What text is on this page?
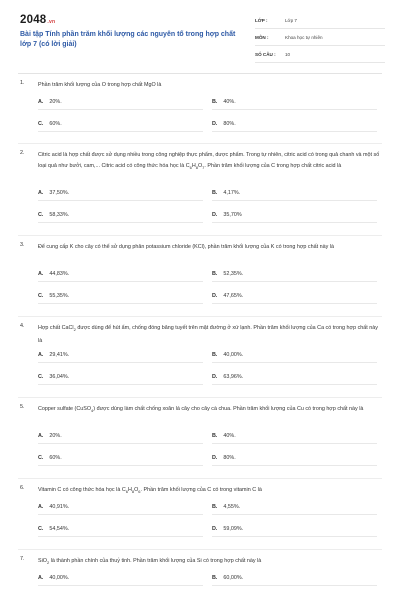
2048.vn
Bài tập Tính phần trăm khối lượng các nguyên tố trong hợp chất lớp 7 (có lời giải)
LỚP :	Lớp 7
MÔN :	Khoa học tự nhiên
SỐ CÂU : 10
1.	Phần trăm khối lượng của O trong hợp chất MgO là
A. 20%.	B. 40%.
C. 60%.	D. 80%.
2.	Citric acid là hợp chất được sử dụng nhiều trong công nghiệp thực phẩm, dược phẩm. Trong tự nhiên, citric acid có trong quả chanh và một số loại quả như bưởi, cam,... Citric acid có công thức hóa học là $C_6H_8O_7$. Phần trăm khối lượng của C trong hợp chất citric acid là
A. 37,50%.	B. 4,17%.
C. 58,33%.	D. 35,70%
3.	Để cung cấp K cho cây có thể sử dụng phân potassium chloride (KCl), phần trăm khối lượng của K có trong hợp chất này là
A. 44,83%.	B. 52,35%.
C. 55,35%.	D. 47,65%.
4.	Hợp chất CaCl$_2$ được dùng để hút ẩm, chống đóng băng tuyết trên mặt đường ở xứ lạnh. Phần trăm khối lượng của Ca có trong hợp chất này là
A. 29,41%.	B. 40,00%.
C. 36,04%.	D. 63,96%.
5.	Copper sulfate (CuSO$_4$) được dùng làm chất chống xoăn lá cây cho cây cà chua. Phần trăm khối lượng của Cu có trong hợp chất này là
A. 20%.	B. 40%.
C. 60%.	D. 80%.
6.	Vitamin C có công thức hóa học là $C_6H_8O_6$. Phần trăm khối lượng của C có trong vitamin C là
A. 40,91%.	B. 4,55%.
C. 54,54%.	D. 59,09%.
7.	SiO$_2$ là thành phần chính của thuỷ tinh. Phần trăm khối lượng của Si có trong hợp chất này là
A. 40,00%.	B. 60,00%.
